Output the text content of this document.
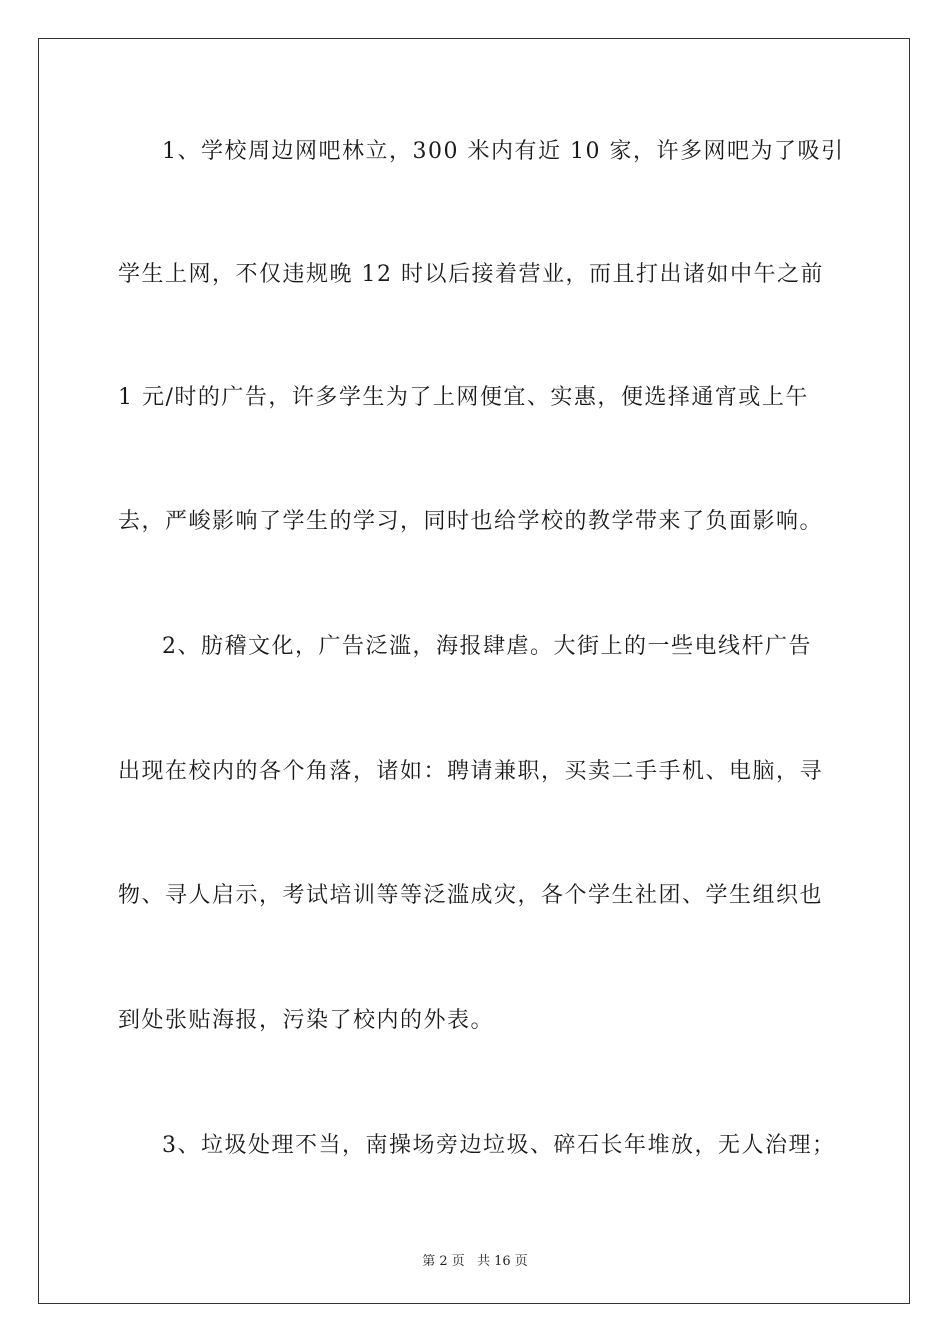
1、学校周边网吧林立，300 米内有近 10 家，许多网吧为了吸引
学生上网，不仅违规晚 12 时以后接着营业，而且打出诸如中午之前
1 元/时的广告，许多学生为了上网便宜、实惠，便选择通宵或上午
去，严峻影响了学生的学习，同时也给学校的教学带来了负面影响。
2、肪稽文化，广告泛滥，海报肆虐。大街上的一些电线杆广告
出现在校内的各个角落，诸如：聘请兼职，买卖二手手机、电脑，寻
物、寻人启示，考试培训等等泛滥成灾，各个学生社团、学生组织也
到处张贴海报，污染了校内的外表。
3、垃圾处理不当，南操场旁边垃圾、碎石长年堆放，无人治理；
第 2 页 共 16 页
